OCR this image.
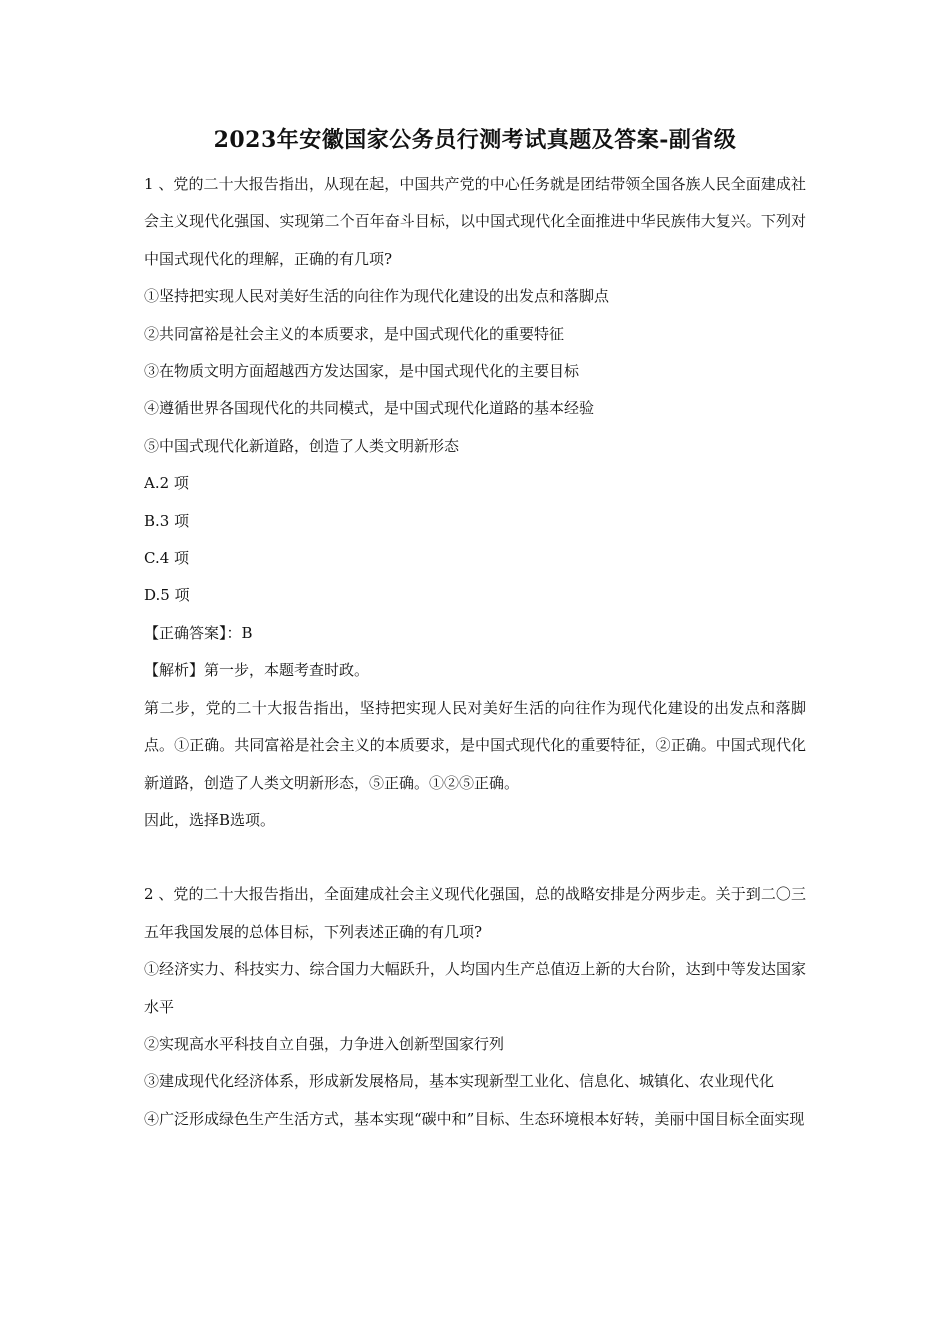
2023年安徽国家公务员行测考试真题及答案-副省级

1 、党的二十大报告指出，从现在起，中国共产党的中心任务就是团结带领全国各族人民全面建成社会主义现代化强国、实现第二个百年奋斗目标，以中国式现代化全面推进中华民族伟大复兴。下列对中国式现代化的理解，正确的有几项?

①坚持把实现人民对美好生活的向往作为现代化建设的出发点和落脚点

②共同富裕是社会主义的本质要求，是中国式现代化的重要特征

③在物质文明方面超越西方发达国家，是中国式现代化的主要目标

④遵循世界各国现代化的共同模式，是中国式现代化道路的基本经验

⑤中国式现代化新道路，创造了人类文明新形态

A.2 项

B.3 项

C.4 项

D.5 项

【正确答案】：B

【解析】第一步，本题考查时政。

第二步，党的二十大报告指出，坚持把实现人民对美好生活的向往作为现代化建设的出发点和落脚点。①正确。共同富裕是社会主义的本质要求，是中国式现代化的重要特征，②正确。中国式现代化新道路，创造了人类文明新形态，⑤正确。①②⑤正确。

因此，选择B选项。

2 、党的二十大报告指出，全面建成社会主义现代化强国，总的战略安排是分两步走。关于到二〇三五年我国发展的总体目标，下列表述正确的有几项?

①经济实力、科技实力、综合国力大幅跃升，人均国内生产总值迈上新的大台阶，达到中等发达国家水平

②实现高水平科技自立自强，力争进入创新型国家行列

③建成现代化经济体系，形成新发展格局，基本实现新型工业化、信息化、城镇化、农业现代化

④广泛形成绿色生产生活方式，基本实现“碳中和”目标、生态环境根本好转，美丽中国目标全面实现
